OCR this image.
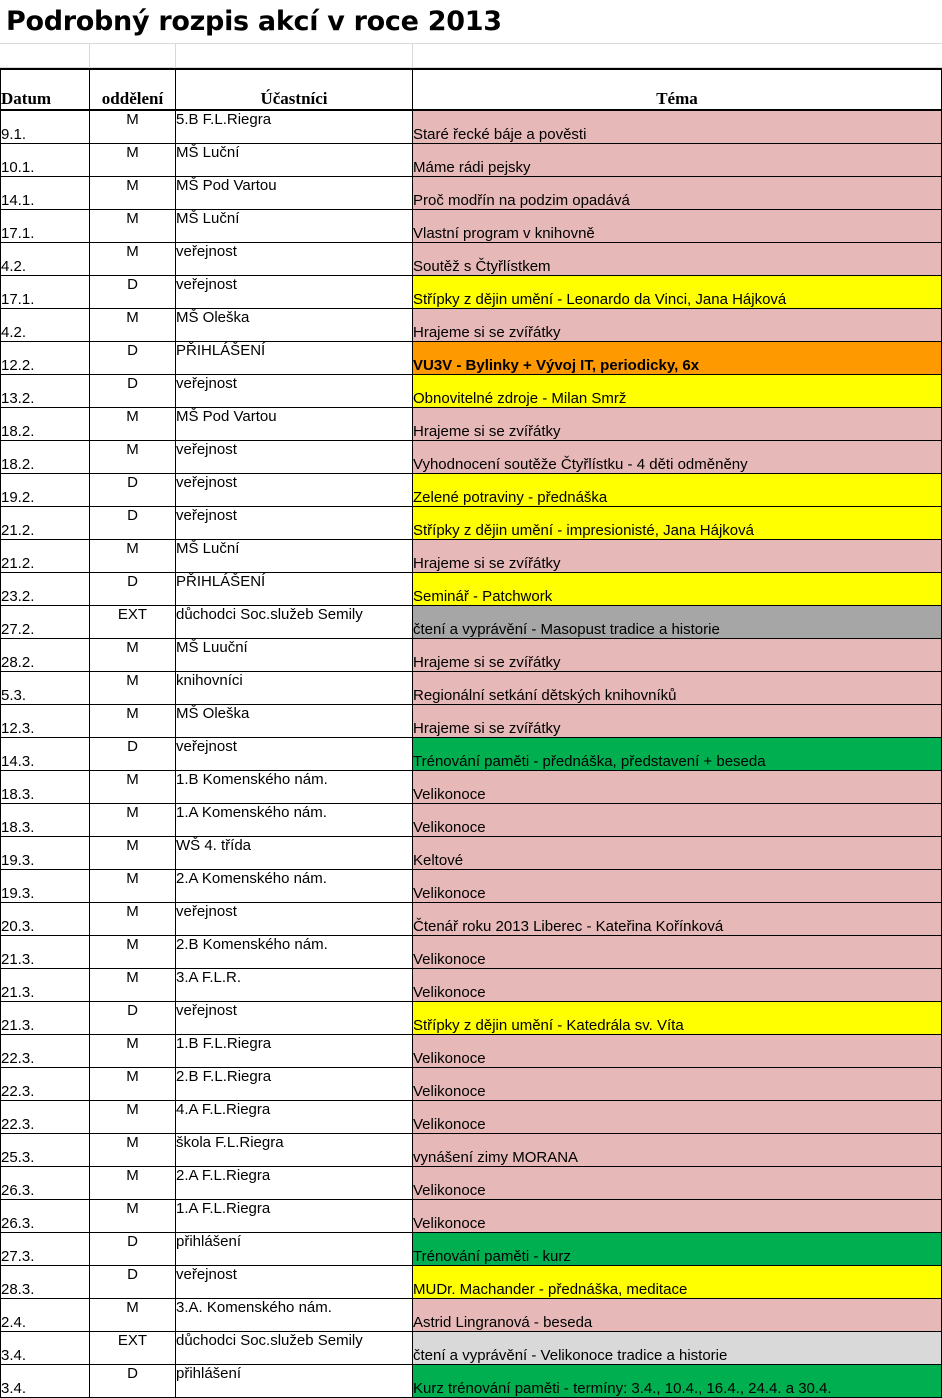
Podrobný rozpis akcí v roce 2013
Datum	oddělení	Účastníci	Téma
9.1.	M	5.B F.L.Riegra	Staré řecké báje a pověsti
10.1.	M	MŠ Luční	Máme rádi pejsky
14.1.	M	MŠ Pod Vartou	Proč modřín na podzim opadává
17.1.	M	MŠ Luční	Vlastní program v knihovně
4.2.	M	veřejnost	Soutěž s Čtyřlístkem
17.1.	D	veřejnost	Střípky z dějin umění - Leonardo da Vinci, Jana Hájková
4.2.	M	MŠ Oleška	Hrajeme si se zvířátky
12.2.	D	PŘIHLÁŠENÍ	VU3V - Bylinky + Vývoj IT, periodicky, 6x
13.2.	D	veřejnost	Obnovitelné zdroje - Milan Smrž
18.2.	M	MŠ Pod Vartou	Hrajeme si se zvířátky
18.2.	M	veřejnost	Vyhodnocení soutěže Čtyřlístku - 4 děti odměněny
19.2.	D	veřejnost	Zelené potraviny - přednáška
21.2.	D	veřejnost	Střípky z dějin umění - impresionisté, Jana Hájková
21.2.	M	MŠ Luční	Hrajeme si se zvířátky
23.2.	D	PŘIHLÁŠENÍ	Seminář - Patchwork
27.2.	EXT	důchodci Soc.služeb Semily	čtení a vyprávění - Masopust tradice a historie
28.2.	M	MŠ Luuční	Hrajeme si se zvířátky
5.3.	M	knihovníci	Regionální setkání dětských knihovníků
12.3.	M	MŠ Oleška	Hrajeme si se zvířátky
14.3.	D	veřejnost	Trénování paměti - přednáška, představení + beseda
18.3.	M	1.B Komenského nám.	Velikonoce
18.3.	M	1.A Komenského nám.	Velikonoce
19.3.	M	WŠ 4. třída	Keltové
19.3.	M	2.A Komenského nám.	Velikonoce
20.3.	M	veřejnost	Čtenář roku 2013 Liberec - Kateřina Kořínková
21.3.	M	2.B Komenského nám.	Velikonoce
21.3.	M	3.A F.L.R.	Velikonoce
21.3.	D	veřejnost	Střípky z dějin umění - Katedrála sv. Víta
22.3.	M	1.B F.L.Riegra	Velikonoce
22.3.	M	2.B F.L.Riegra	Velikonoce
22.3.	M	4.A F.L.Riegra	Velikonoce
25.3.	M	škola F.L.Riegra	vynášení zimy MORANA
26.3.	M	2.A F.L.Riegra	Velikonoce
26.3.	M	1.A F.L.Riegra	Velikonoce
27.3.	D	přihlášení	Trénování paměti - kurz
28.3.	D	veřejnost	MUDr. Machander - přednáška, meditace
2.4.	M	3.A. Komenského nám.	Astrid Lingranová - beseda
3.4.	EXT	důchodci Soc.služeb Semily	čtení a vyprávění - Velikonoce tradice a historie
3.4.	D	přihlášení	Kurz trénování paměti - termíny: 3.4., 10.4., 16.4., 24.4. a 30.4.
